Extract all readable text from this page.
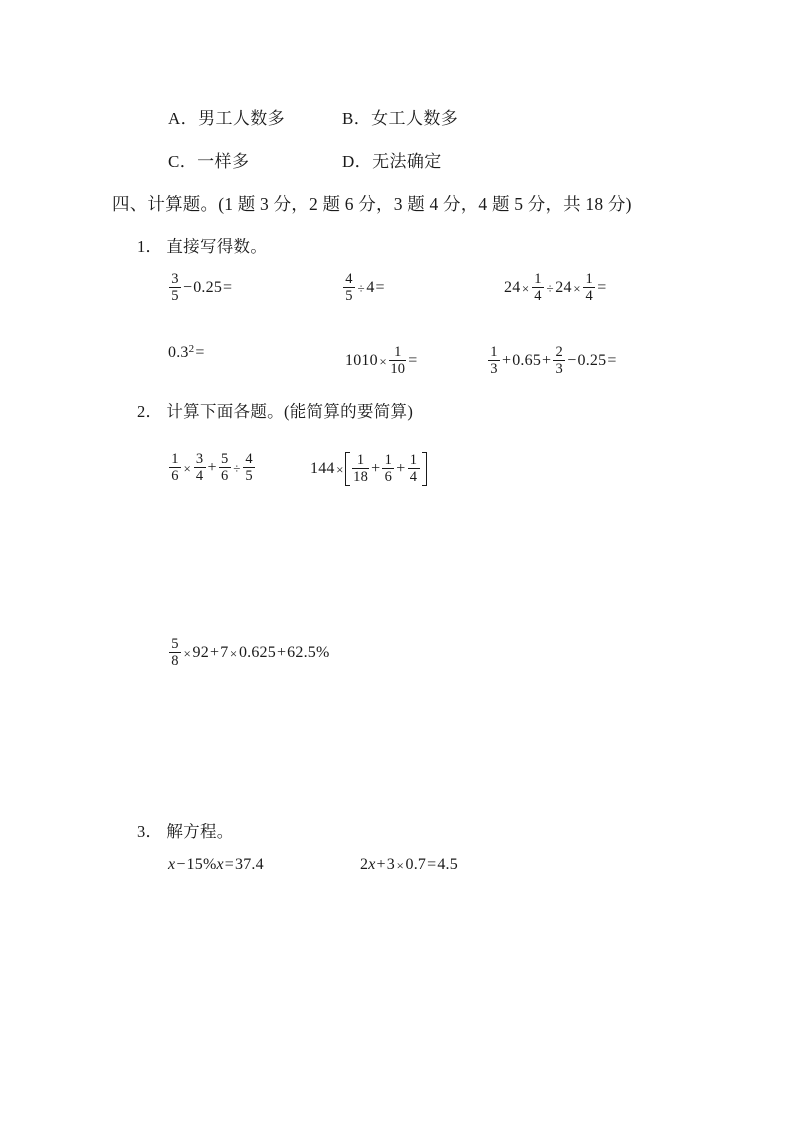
A．男工人数多	B．女工人数多
C．一样多	D．无法确定
四、计算题。(1 题 3 分，2 题 6 分，3 题 4 分，4 题 5 分，共 18 分)
1． 直接写得数。
$\frac{3}{5} - 0.25$ =	$\frac{4}{5} \div 4$ =	$24 \times \frac{1}{4} \div 24 \times \frac{1}{4}$ =
0.3 2 =	$1010 \times \frac{1}{10}$ =	$\frac{1}{3} + 0.65 + \frac{2}{3} - 0.25$ =
2． 计算下面各题。(能简算的要简算)
$\frac{1}{6} \times \frac{3}{4} + \frac{5}{6} \div \frac{4}{5}$	$144 \times \frac{1}{18} + \frac{1}{6} + \frac{1}{4}$
$\frac{5}{8} \times 92 + 7 \times 0.625 + 62.5\%$
3． 解方程。
x − 15% x = 37.4	2 x + 3 × 0.7 = 4.5
